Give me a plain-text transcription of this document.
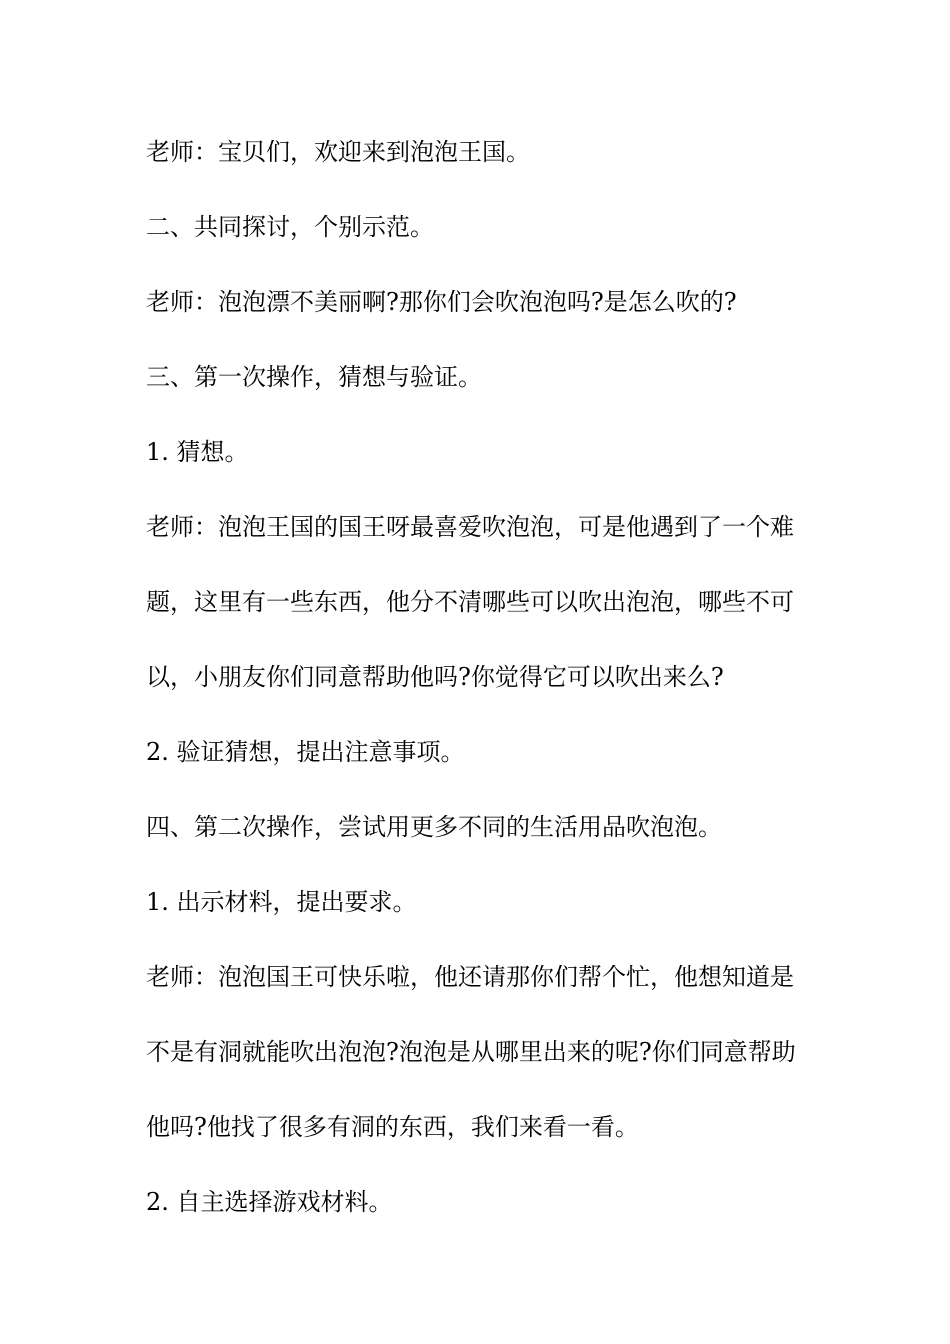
老师：宝贝们，欢迎来到泡泡王国。
二、共同探讨，个别示范。
老师：泡泡漂不美丽啊?那你们会吹泡泡吗?是怎么吹的?
三、第一次操作，猜想与验证。
1. 猜想。
老师：泡泡王国的国王呀最喜爱吹泡泡，可是他遇到了一个难
题，这里有一些东西，他分不清哪些可以吹出泡泡，哪些不可
以，小朋友你们同意帮助他吗?你觉得它可以吹出来么?
2. 验证猜想，提出注意事项。
四、第二次操作，尝试用更多不同的生活用品吹泡泡。
1. 出示材料，提出要求。
老师：泡泡国王可快乐啦，他还请那你们帮个忙，他想知道是
不是有洞就能吹出泡泡?泡泡是从哪里出来的呢?你们同意帮助
他吗?他找了很多有洞的东西，我们来看一看。
2. 自主选择游戏材料。
